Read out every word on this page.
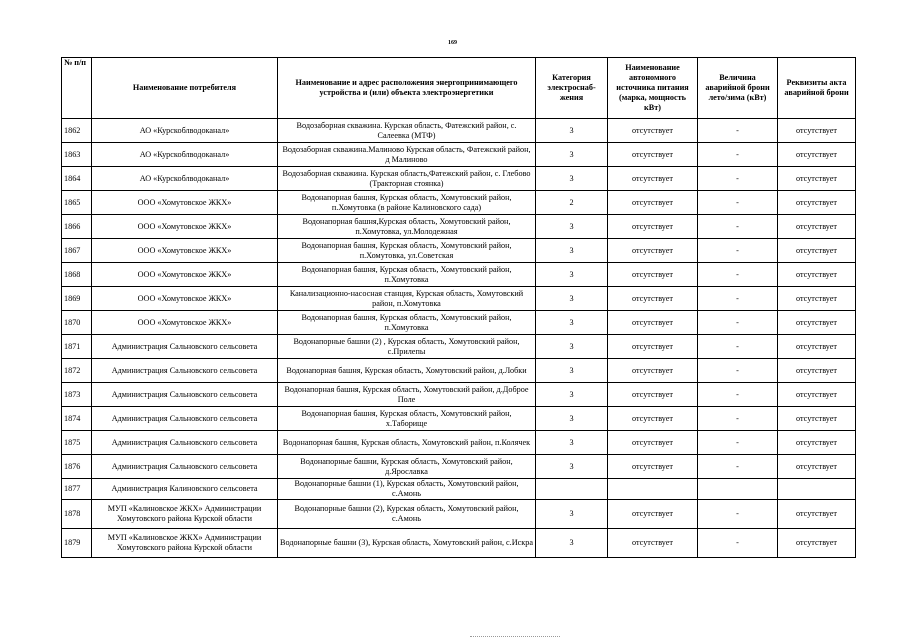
169
№ п/п	Наименование потребителя	Наименование и адрес расположения энергопринимающего устройства и (или) объекта электроэнергетики	Категория электроснаб-жения	Наименование автономного источника питания (марка, мощность кВт)	Величина аварийной брони лето/зима (кВт)	Реквизиты акта аварийной брони
1862	АО «Курскоблводоканал»	Водозаборная скважина. Курская область, Фатежский район, с. Салеевка (МТФ)	3	отсутствует	-	отсутствует
1863	АО «Курскоблводоканал»	Водозаборная скважина.Малиново Курская область, Фатежский район, д Малиново	3	отсутствует	-	отсутствует
1864	АО «Курскоблводоканал»	Водозаборная скважина. Курская область,Фатежский район, с. Глебово (Тракторная стоянка)	3	отсутствует	-	отсутствует
1865	ООО «Хомутовское ЖКХ»	Водонапорная башня, Курская область, Хомутовский район, п.Хомутовка (в районе Калиновского сада)	2	отсутствует	-	отсутствует
1866	ООО «Хомутовское ЖКХ»	Водонапорная башня,Курская область, Хомутовский район, п.Хомутовка, ул.Молодежная	3	отсутствует	-	отсутствует
1867	ООО «Хомутовское ЖКХ»	Водонапорная башня, Курская область, Хомутовский район, п.Хомутовка, ул.Советская	3	отсутствует	-	отсутствует
1868	ООО «Хомутовское ЖКХ»	Водонапорная башня, Курская область, Хомутовский район, п.Хомутовка	3	отсутствует	-	отсутствует
1869	ООО «Хомутовское ЖКХ»	Канализационно-насосная станция, Курская область, Хомутовский район, п.Хомутовка	3	отсутствует	-	отсутствует
1870	ООО «Хомутовское ЖКХ»	Водонапорная башня, Курская область, Хомутовский район, п.Хомутовка	3	отсутствует	-	отсутствует
1871	Администрация Сальновского сельсовета	Водонапорные башни (2) , Курская область, Хомутовский район, с.Прилепы	3	отсутствует	-	отсутствует
1872	Администрация Сальновского сельсовета	Водонапорная башня, Курская область, Хомутовский район, д.Лобки	3	отсутствует	-	отсутствует
1873	Администрация Сальновского сельсовета	Водонапорная башня, Курская область, Хомутовский район, д.Доброе Поле	3	отсутствует	-	отсутствует
1874	Администрация Сальновского сельсовета	Водонапорная башня, Курская область, Хомутовский район, х.Таборище	3	отсутствует	-	отсутствует
1875	Администрация Сальновского сельсовета	Водонапорная башня, Курская область, Хомутовский район, п.Колячек	3	отсутствует	-	отсутствует
1876	Администрация Сальновского сельсовета	Водонапорные башни, Курская область, Хомутовский район, д.Ярославка	3	отсутствует	-	отсутствует
1877	Администрация Калиновского сельсовета	Водонапорные башни (1), Курская область, Хомутовский район, с.Амонь				
1878	МУП «Калиновское ЖКХ» Администрации Хомутовского района Курской области	Водонапорные башни (2), Курская область, Хомутовский район, с.Амонь	3	отсутствует	-	отсутствует
1879	МУП «Калиновское ЖКХ» Администрации Хомутовского района Курской области	Водонапорные башни (3), Курская область, Хомутовский район, с.Искра	3	отсутствует	-	отсутствует
